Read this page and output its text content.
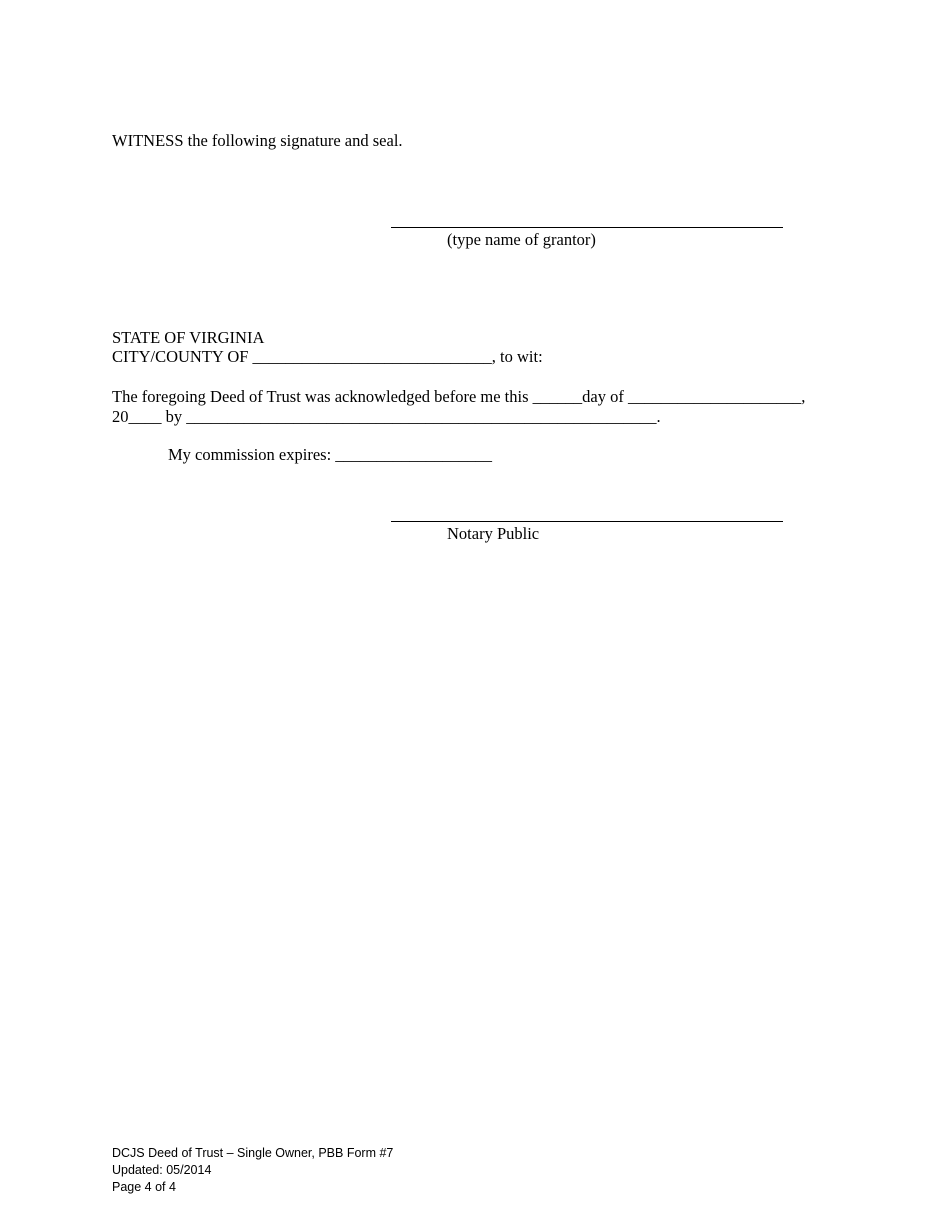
WITNESS the following signature and seal.
(type name of grantor)
STATE OF VIRGINIA
CITY/COUNTY OF _____________________________, to wit:
The foregoing Deed of Trust was acknowledged before me this ______day of _____________________,
20____ by _________________________________________________________.
My commission expires: ___________________
Notary Public
DCJS Deed of Trust – Single Owner, PBB Form #7
Updated: 05/2014
Page 4 of 4
